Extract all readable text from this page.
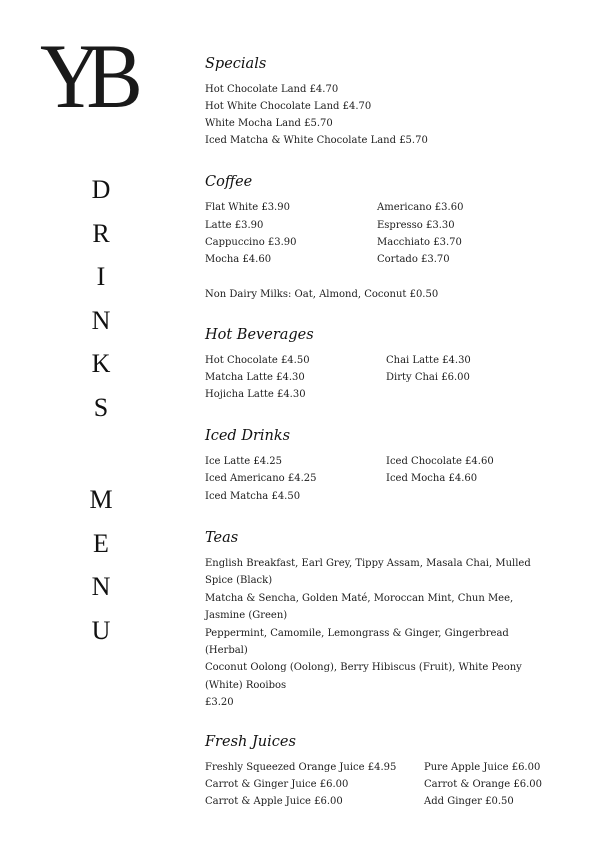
YB
D
R
I
N
K
S
M
E
N
U
Specials
Hot Chocolate Land £4.70
Hot White Chocolate Land £4.70
White Mocha Land £5.70
Iced Matcha & White Chocolate Land £5.70
Coffee
Flat White £3.90
Latte £3.90
Cappuccino £3.90
Mocha £4.60
Americano £3.60
Espresso £3.30
Macchiato £3.70
Cortado £3.70
Non Dairy Milks: Oat, Almond, Coconut £0.50
Hot Beverages
Hot Chocolate £4.50
Matcha Latte £4.30
Hojicha Latte £4.30
Chai Latte £4.30
Dirty Chai £6.00
Iced Drinks
Ice Latte £4.25
Iced Americano £4.25
Iced Matcha £4.50
Iced Chocolate £4.60
Iced Mocha £4.60
Teas
English Breakfast, Earl Grey, Tippy Assam, Masala Chai, Mulled Spice (Black)
Matcha & Sencha, Golden Maté, Moroccan Mint, Chun Mee, Jasmine (Green)
Peppermint, Camomile, Lemongrass & Ginger, Gingerbread (Herbal)
Coconut Oolong (Oolong), Berry Hibiscus (Fruit), White Peony (White) Rooibos
£3.20
Fresh Juices
Freshly Squeezed Orange Juice £4.95
Carrot & Ginger Juice £6.00
Carrot & Apple Juice £6.00
Pure Apple Juice £6.00
Carrot & Orange £6.00
Add Ginger £0.50
